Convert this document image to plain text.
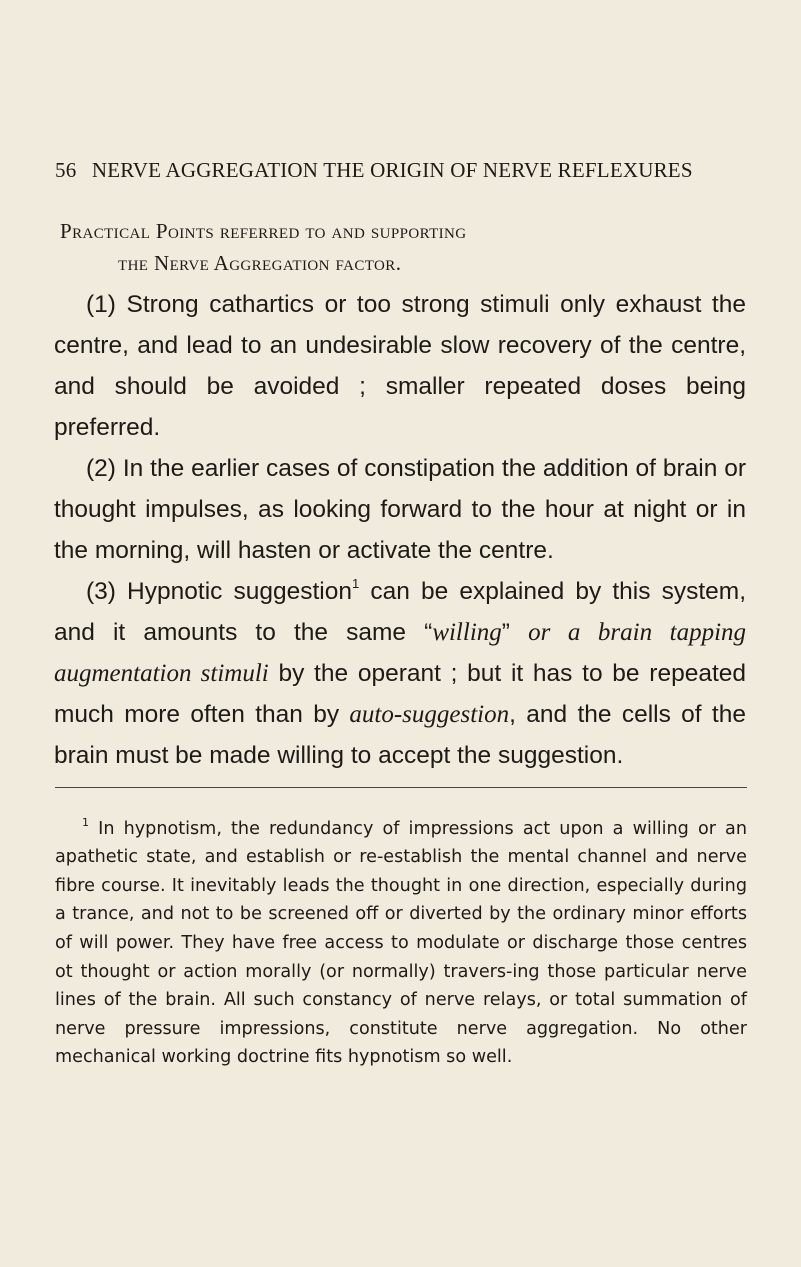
56 NERVE AGGREGATION THE ORIGIN OF NERVE REFLEXURES
Practical Points referred to and supporting
the Nerve Aggregation factor.

(1) Strong cathartics or too strong stimuli only exhaust the centre, and lead to an undesirable slow recovery of the centre, and should be avoided ; smaller repeated doses being preferred.

(2) In the earlier cases of constipation the addition of brain or thought impulses, as looking forward to the hour at night or in the morning, will hasten or activate the centre.

(3) Hypnotic suggestion$^1$ can be explained by this system, and it amounts to the same “willing” or a brain tapping augmentation stimuli by the operant ; but it has to be repeated much more often than by auto-suggestion, and the cells of the brain must be made willing to accept the suggestion.

$^1$ In hypnotism, the redundancy of impressions act upon a willing or an apathetic state, and establish or re-establish the mental channel and nerve fibre course. It inevitably leads the thought in one direction, especially during a trance, and not to be screened off or diverted by the ordinary minor efforts of will power. They have free access to modulate or discharge those centres ot thought or action morally (or normally) travers-ing those particular nerve lines of the brain. All such constancy of nerve relays, or total summation of nerve pressure impressions, constitute nerve aggregation. No other mechanical working doctrine fits hypnotism so well.
